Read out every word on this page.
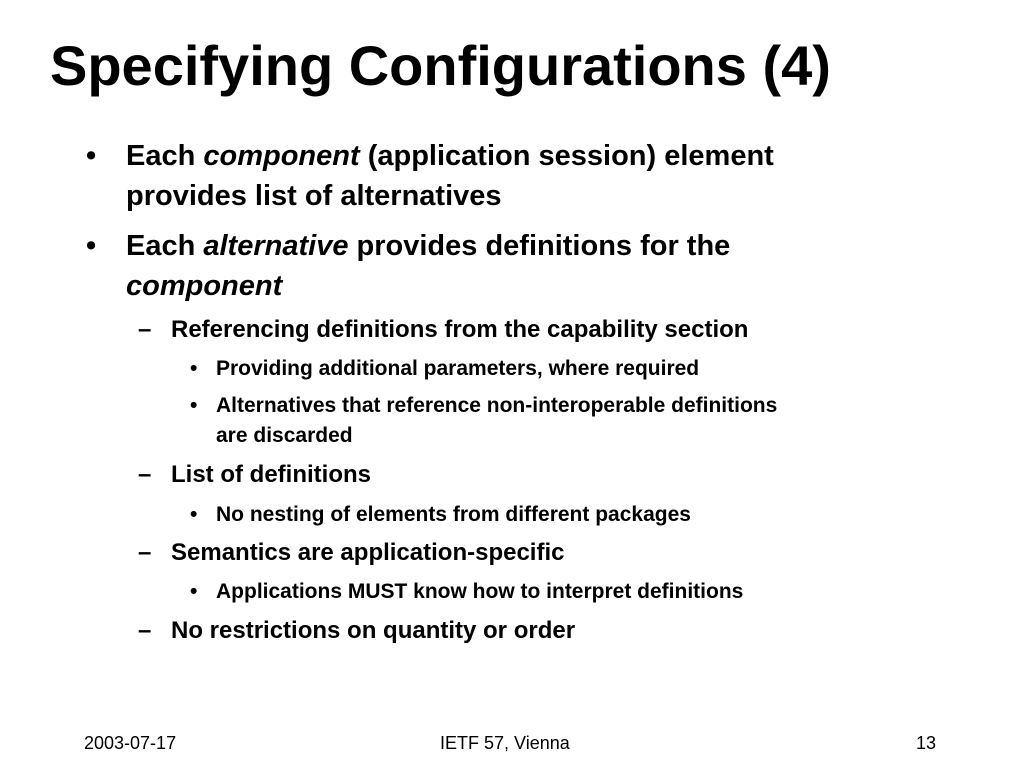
Specifying Configurations (4)
• Each component (application session) element
provides list of alternatives
• Each alternative provides definitions for the
component
– Referencing definitions from the capability section
• Providing additional parameters, where required
• Alternatives that reference non-interoperable definitions
are discarded
– List of definitions
• No nesting of elements from different packages
– Semantics are application-specific
• Applications MUST know how to interpret definitions
– No restrictions on quantity or order
2003-07-17	IETF 57, Vienna	13
